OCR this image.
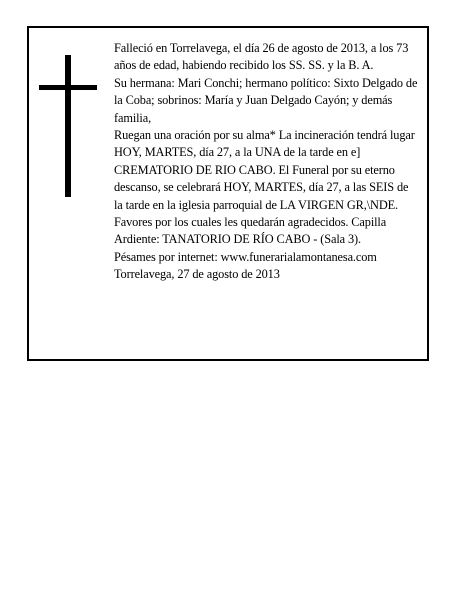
Falleció en Torrelavega, el día 26 de agosto de 2013, a los 73 años de edad, habiendo recibido los SS. SS. y la B. A.

Su hermana: Mari Conchi; hermano político: Sixto Delgado de la Coba; sobrinos: María y Juan Delgado Cayón; y demás familia,

Ruegan una oración por su alma* La incineración tendrá lugar HOY, MARTES, día 27, a la UNA de la tarde en e] CREMATORIO DE RIO CABO. El Funeral por su eterno descanso, se celebrará HOY, MARTES, día 27, a las SEIS de la tarde en la iglesia parroquial de LA VIRGEN GR,\NDE. Favores por los cuales les quedarán agradecidos. Capilla Ardiente: TANATORIO DE RÍO CABO - (Sala 3).

Pésames por internet: www.funerarialamontanesa.com

Torrelavega, 27 de agosto de 2013
